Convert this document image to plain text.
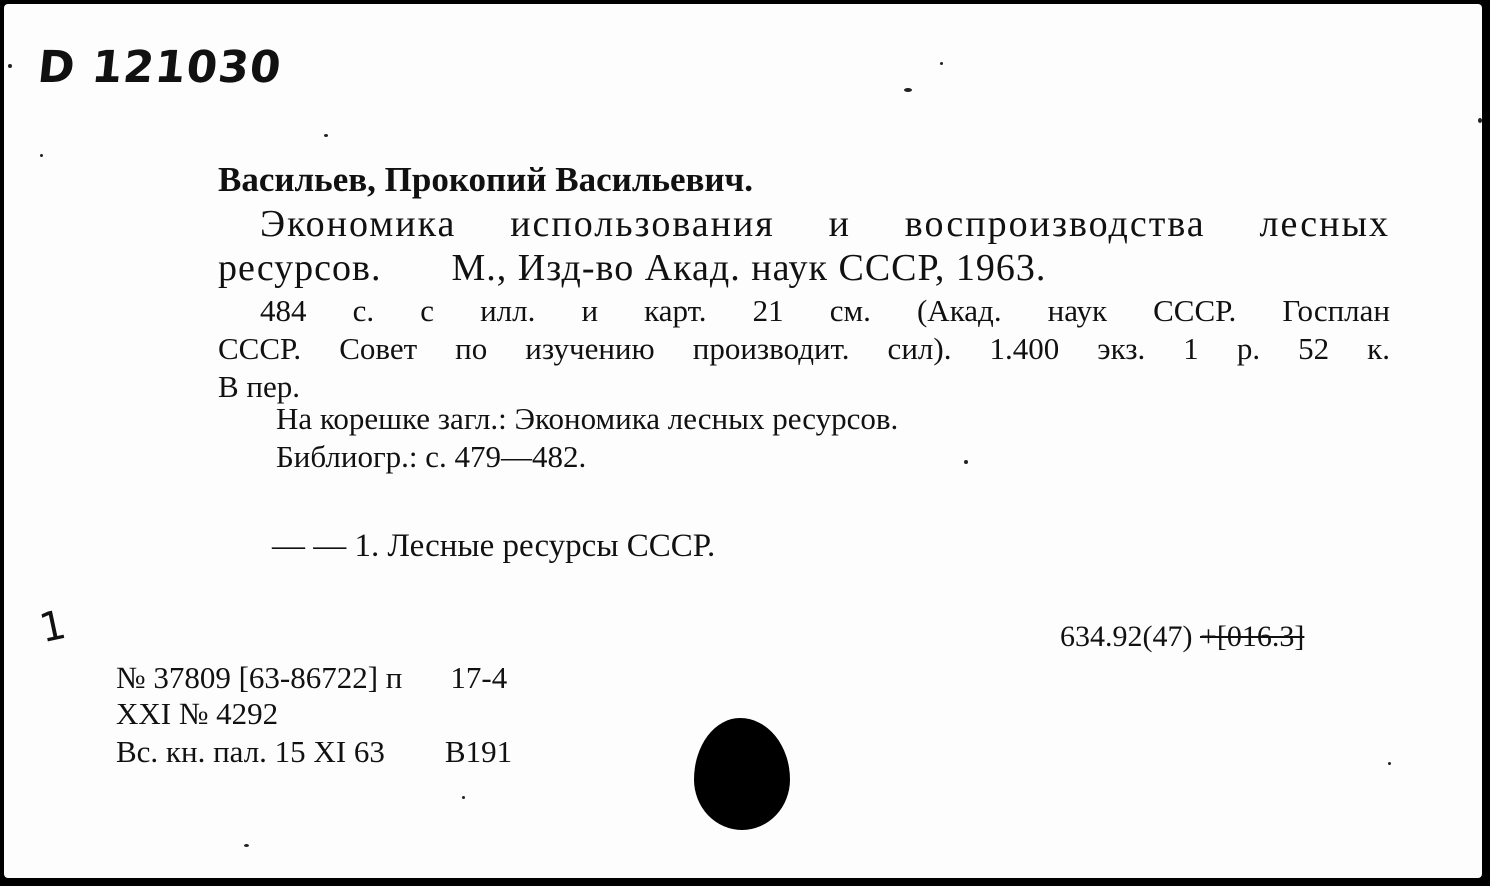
D 121030
Васильев, Прокопий Васильевич.
Экономика использования и воспроизводства лесных
ресурсов. М., Изд-во Акад. наук СССР, 1963.
484 с. с илл. и карт. 21 см. (Акад. наук СССР. Госплан
СССР. Совет по изучению производит. сил). 1.400 экз. 1 р. 52 к.
В пер.
На корешке загл.: Экономика лесных ресурсов.
Библиогр.: с. 479—482.
— — 1. Лесные ресурсы СССР.
1	634.92(47) +[016.3]
№ 37809 [63-86722] п 17-4
XXI № 4292
Вс. кн. пал. 15 XI 63 В191
